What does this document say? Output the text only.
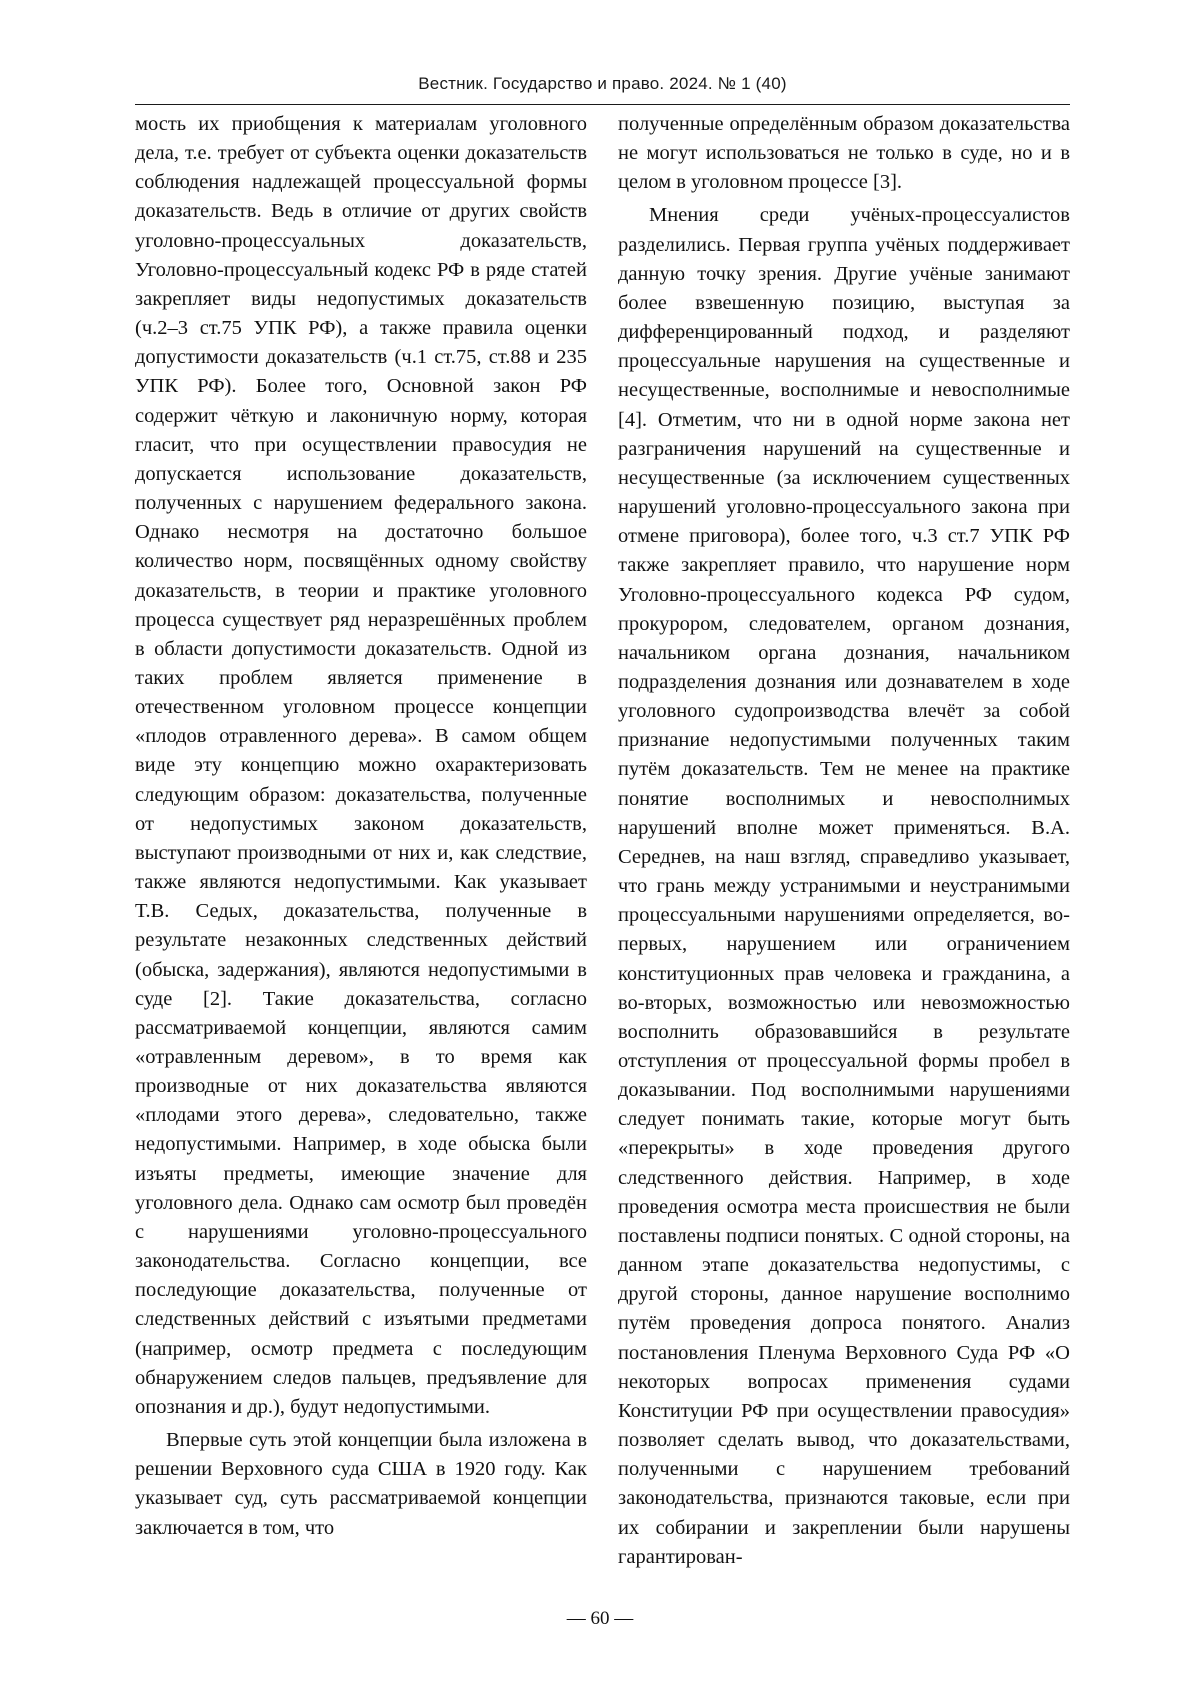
Вестник. Государство и право. 2024. № 1 (40)

мость их приобщения к материалам уголовного дела, т.е. требует от субъекта оценки доказательств соблюдения надлежащей процессуальной формы доказательств. Ведь в отличие от других свойств уголовно-процессуальных доказательств, Уголовно-процессуальный кодекс РФ в ряде статей закрепляет виды недопустимых доказательств (ч.2–3 ст.75 УПК РФ), а также правила оценки допустимости доказательств (ч.1 ст.75, ст.88 и 235 УПК РФ). Более того, Основной закон РФ содержит чёткую и лаконичную норму, которая гласит, что при осуществлении правосудия не допускается использование доказательств, полученных с нарушением федерального закона. Однако несмотря на достаточно большое количество норм, посвящённых одному свойству доказательств, в теории и практике уголовного процесса существует ряд неразрешённых проблем в области допустимости доказательств. Одной из таких проблем является применение в отечественном уголовном процессе концепции «плодов отравленного дерева». В самом общем виде эту концепцию можно охарактеризовать следующим образом: доказательства, полученные от недопустимых законом доказательств, выступают производными от них и, как следствие, также являются недопустимыми. Как указывает Т.В. Седых, доказательства, полученные в результате незаконных следственных действий (обыска, задержания), являются недопустимыми в суде [2]. Такие доказательства, согласно рассматриваемой концепции, являются самим «отравленным деревом», в то время как производные от них доказательства являются «плодами этого дерева», следовательно, также недопустимыми. Например, в ходе обыска были изъяты предметы, имеющие значение для уголовного дела. Однако сам осмотр был проведён с нарушениями уголовно-процессуального законодательства. Согласно концепции, все последующие доказательства, полученные от следственных действий с изъятыми предметами (например, осмотр предмета с последующим обнаружением следов пальцев, предъявление для опознания и др.), будут недопустимыми.

Впервые суть этой концепции была изложена в решении Верховного суда США в 1920 году. Как указывает суд, суть рассматриваемой концепции заключается в том, что

полученные определённым образом доказательства не могут использоваться не только в суде, но и в целом в уголовном процессе [3].

Мнения среди учёных-процессуалистов разделились. Первая группа учёных поддерживает данную точку зрения. Другие учёные занимают более взвешенную позицию, выступая за дифференцированный подход, и разделяют процессуальные нарушения на существенные и несущественные, восполнимые и невосполнимые [4]. Отметим, что ни в одной норме закона нет разграничения нарушений на существенные и несущественные (за исключением существенных нарушений уголовно-процессуального закона при отмене приговора), более того, ч.3 ст.7 УПК РФ также закрепляет правило, что нарушение норм Уголовно-процессуального кодекса РФ судом, прокурором, следователем, органом дознания, начальником органа дознания, начальником подразделения дознания или дознавателем в ходе уголовного судопроизводства влечёт за собой признание недопустимыми полученных таким путём доказательств. Тем не менее на практике понятие восполнимых и невосполнимых нарушений вполне может применяться. В.А. Середнев, на наш взгляд, справедливо указывает, что грань между устранимыми и неустранимыми процессуальными нарушениями определяется, во-первых, нарушением или ограничением конституционных прав человека и гражданина, а во-вторых, возможностью или невозможностью восполнить образовавшийся в результате отступления от процессуальной формы пробел в доказывании. Под восполнимыми нарушениями следует понимать такие, которые могут быть «перекрыты» в ходе проведения другого следственного действия. Например, в ходе проведения осмотра места происшествия не были поставлены подписи понятых. С одной стороны, на данном этапе доказательства недопустимы, с другой стороны, данное нарушение восполнимо путём проведения допроса понятого. Анализ постановления Пленума Верховного Суда РФ «О некоторых вопросах применения судами Конституции РФ при осуществлении правосудия» позволяет сделать вывод, что доказательствами, полученными с нарушением требований законодательства, признаются таковые, если при их собирании и закреплении были нарушены гарантирован-

— 60 —
